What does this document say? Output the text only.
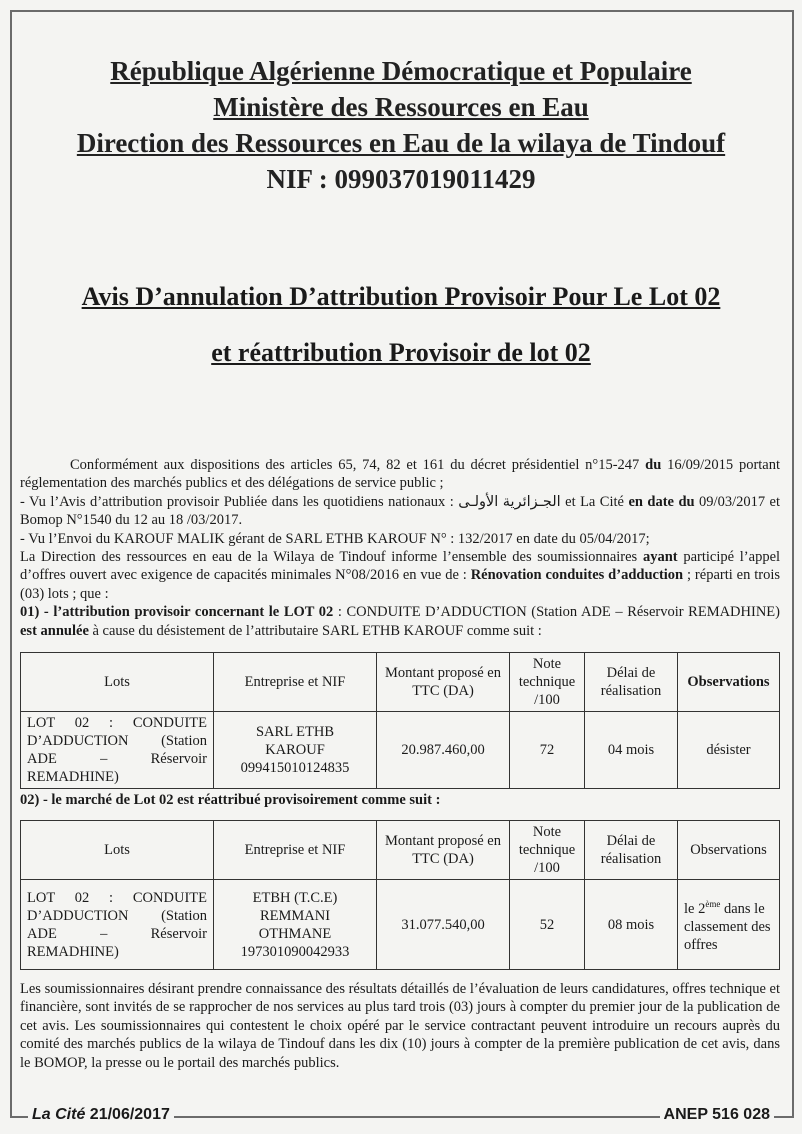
République Algérienne Démocratique et Populaire
Ministère des Ressources en Eau
Direction des Ressources en Eau de la wilaya de Tindouf
NIF : 099037019011429
Avis D’annulation D’attribution Provisoir Pour Le Lot 02
et réattribution Provisoir de lot 02
Conformément aux dispositions des articles 65, 74, 82 et 161 du décret présidentiel n°15-247 du 16/09/2015 portant réglementation des marchés publics et des délégations de service public ;
- Vu l’Avis d’attribution provisoir Publiée dans les quotidiens nationaux : الجـزائرية الأولـى et La Cité en date du 09/03/2017 et Bomop N°1540 du 12 au 18 /03/2017.
- Vu l’Envoi du KAROUF MALIK gérant de SARL ETHB KAROUF N° : 132/2017 en date du 05/04/2017;
La Direction des ressources en eau de la Wilaya de Tindouf informe l’ensemble des soumissionnaires ayant participé l’appel d’offres ouvert avec exigence de capacités minimales N°08/2016 en vue de : Rénovation conduites d’adduction ; réparti en trois (03) lots ; que :
01) - l’attribution provisoir concernant le LOT 02 : CONDUITE D’ADDUCTION (Station ADE – Réservoir REMADHINE) est annulée à cause du désistement de l’attributaire SARL ETHB KAROUF comme suit :
Lots	Entreprise et NIF	Montant proposé en TTC (DA)	Note technique /100	Délai de réalisation	Observations
LOT 02 : CONDUITE D’ADDUCTION (Station ADE – Réservoir REMADHINE)	SARL ETHB
KAROUF
099415010124835	20.987.460,00	72	04 mois	désister
02) - le marché de Lot 02 est réattribué provisoirement comme suit :
Lots	Entreprise et NIF	Montant proposé en TTC (DA)	Note technique /100	Délai de réalisation	Observations
LOT 02 : CONDUITE D’ADDUCTION (Station ADE – Réservoir REMADHINE)	ETBH (T.C.E)
REMMANI
OTHMANE
197301090042933	31.077.540,00	52	08 mois	le 2ème dans le classement des offres
Les soumissionnaires désirant prendre connaissance des résultats détaillés de l’évaluation de leurs candidatures, offres technique et financière, sont invités de se rapprocher de nos services au plus tard trois (03) jours à compter du premier jour de la publication de cet avis. Les soumissionnaires qui contestent le choix opéré par le service contractant peuvent introduire un recours auprès du comité des marchés publics de la wilaya de Tindouf dans les dix (10) jours à compter de la première publication de cet avis, dans le BOMOP, la presse ou le portail des marchés publics.
La Cité 21/06/2017	ANEP 516 028
